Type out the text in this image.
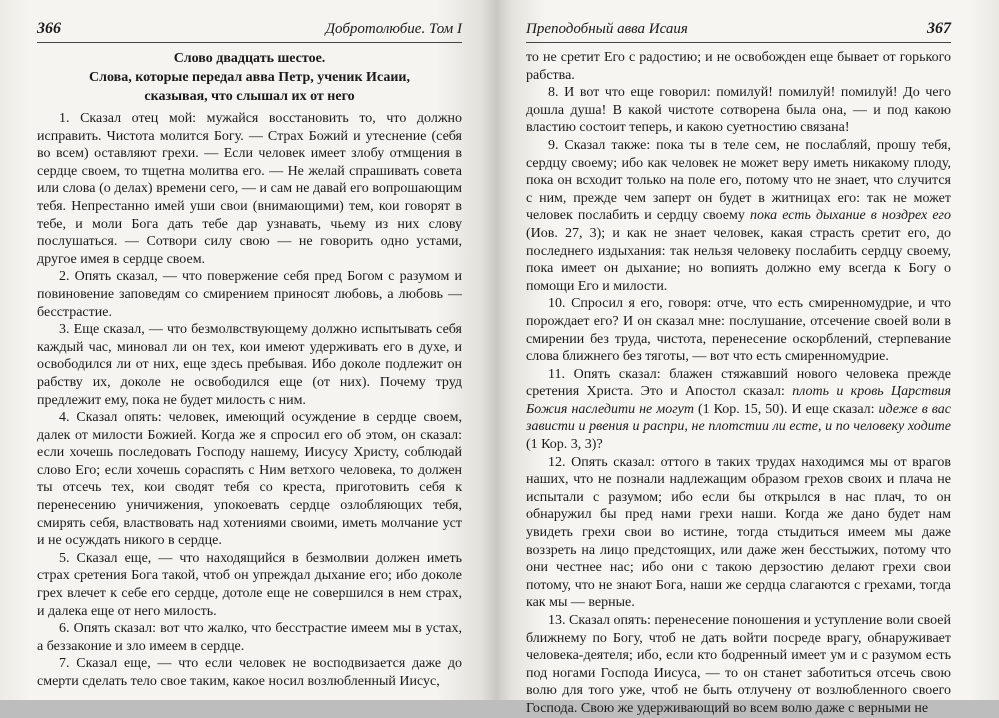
366	Добротолюбие. Том I
Слово двадцать шестое.
Слова, которые передал авва Петр, ученик Исаии,
сказывая, что слышал их от него

1. Сказал отец мой: мужайся восстановить то, что должно исправить. Чистота молится Богу. — Страх Божий и утеснение (себя во всем) оставляют грехи. — Если человек имеет злобу отмщения в сердце своем, то тщетна молитва его. — Не желай спрашивать совета или слова (о делах) времени сего, — и сам не давай его вопрошающим тебя. Непрестанно имей уши свои (внимающими) тем, кои говорят в тебе, и моли Бога дать тебе дар узнавать, чьему из них слову послушаться. — Сотвори силу свою — не говорить одно устами, другое имея в сердце своем.

2. Опять сказал, — что повержение себя пред Богом с разумом и повиновение заповедям со смирением приносят любовь, а любовь — бесстрастие.

3. Еще сказал, — что безмолвствующему должно испытывать себя каждый час, миновал ли он тех, кои имеют удерживать его в духе, и освободился ли от них, еще здесь пребывая. Ибо доколе подлежит он рабству их, доколе не освободился еще (от них). Почему труд предлежит ему, пока не будет милость с ним.

4. Сказал опять: человек, имеющий осуждение в сердце своем, далек от милости Божией. Когда же я спросил его об этом, он сказал: если хочешь последовать Господу нашему, Иисусу Христу, соблюдай слово Его; если хочешь сораспять с Ним ветхого человека, то должен ты отсечь тех, кои сводят тебя со креста, приготовить себя к перенесению уничижения, упокоевать сердце озлобляющих тебя, смирять себя, властвовать над хотениями своими, иметь молчание уст и не осуждать никого в сердце.

5. Сказал еще, — что находящийся в безмолвии должен иметь страх сретения Бога такой, чтоб он упреждал дыхание его; ибо доколе грех влечет к себе его сердце, дотоле еще не совершился в нем страх, и далека еще от него милость.

6. Опять сказал: вот что жалко, что бесстрастие имеем мы в устах, а беззаконие и зло имеем в сердце.

7. Сказал еще, — что если человек не восподвизается даже до смерти сделать тело свое таким, какое носил возлюбленный Иисус,

Преподобный авва Исаия	367

то не сретит Его с радостию; и не освобожден еще бывает от горького рабства.

8. И вот что еще говорил: помилуй! помилуй! помилуй! До чего дошла душа! В какой чистоте сотворена была она, — и под какою властию состоит теперь, и какою суетностию связана!

9. Сказал также: пока ты в теле сем, не послабляй, прошу тебя, сердцу своему; ибо как человек не может веру иметь никакому плоду, пока он всходит только на поле его, потому что не знает, что случится с ним, прежде чем заперт он будет в житницах его: так не может человек послабить и сердцу своему пока есть дыхание в ноздрех его (Иов. 27, 3); и как не знает человек, какая страсть сретит его, до последнего издыхания: так нельзя человеку послабить сердцу своему, пока имеет он дыхание; но вопиять должно ему всегда к Богу о помощи Его и милости.

10. Спросил я его, говоря: отче, что есть смиренномудрие, и что порождает его? И он сказал мне: послушание, отсечение своей воли в смирении без труда, чистота, перенесение оскорблений, стерпевание слова ближнего без тяготы, — вот что есть смиренномудрие.

11. Опять сказал: блажен стяжавший нового человека прежде сретения Христа. Это и Апостол сказал: плоть и кровь Царствия Божия наследити не могут (1 Кор. 15, 50). И еще сказал: идеже в вас зависти и рвения и распри, не плотстии ли есте, и по человеку ходите (1 Кор. 3, 3)?

12. Опять сказал: оттого в таких трудах находимся мы от врагов наших, что не познали надлежащим образом грехов своих и плача не испытали с разумом; ибо если бы открылся в нас плач, то он обнаружил бы пред нами грехи наши. Когда же дано будет нам увидеть грехи свои во истине, тогда стыдиться имеем мы даже воззреть на лицо предстоящих, или даже жен бесстыжих, потому что они честнее нас; ибо они с такою дерзостию делают грехи свои потому, что не знают Бога, наши же сердца слагаются с грехами, тогда как мы — верные.

13. Сказал опять: перенесение поношения и уступление воли своей ближнему по Богу, чтоб не дать войти посреде врагу, обнаруживает человека-деятеля; ибо, если кто бодренный имеет ум и с разумом есть под ногами Господа Иисуса, — то он станет заботиться отсечь свою волю для того уже, чтоб не быть отлучену от возлюбленного своего Господа. Свою же удерживающий во всем волю даже с верными не
